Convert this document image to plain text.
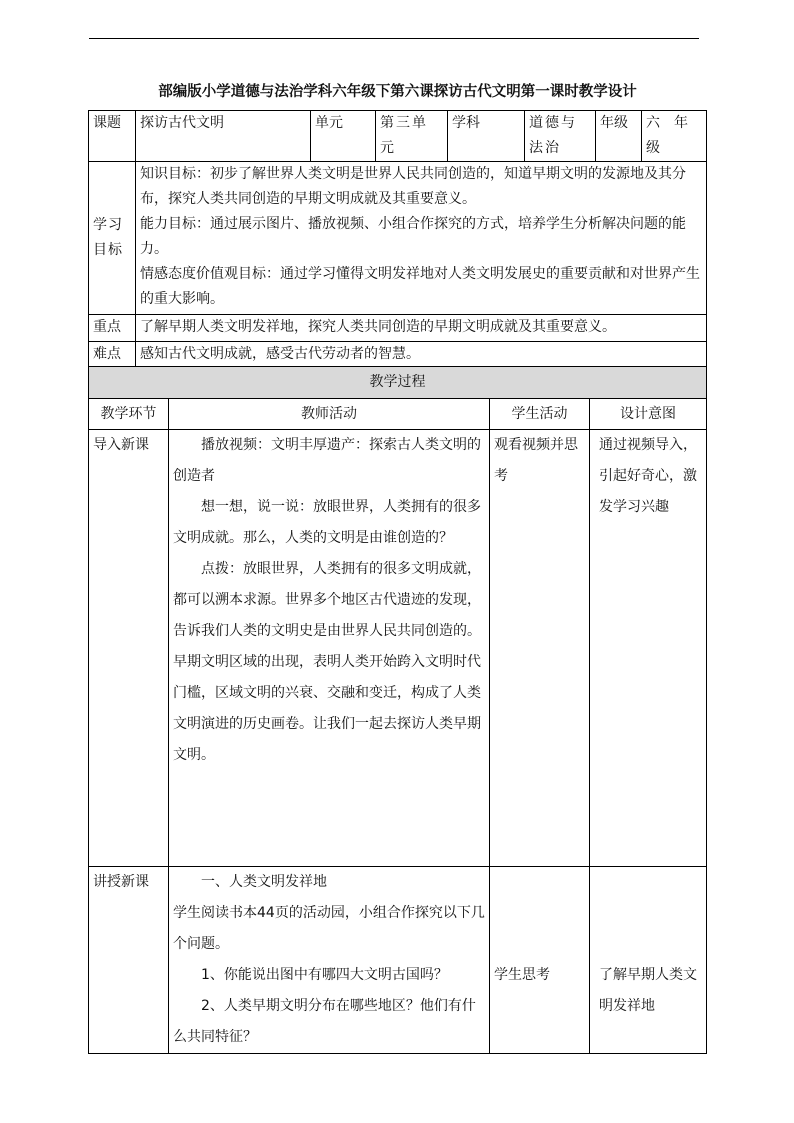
部编版小学道德与法治学科六年级下第六课探访古代文明第一课时教学设计
课题	探访古代文明	单元	第三单元	学科	道德与法治	年级	六年级
学习目标	知识目标：初步了解世界人类文明是世界人民共同创造的，知道早期文明的发源地及其分布，探究人类共同创造的早期文明成就及其重要意义。

能力目标：通过展示图片、播放视频、小组合作探究的方式，培养学生分析解决问题的能力。

情感态度价值观目标：通过学习懂得文明发祥地对人类文明发展史的重要贡献和对世界产生的重大影响。						

重点	了解早期人类文明发祥地，探究人类共同创造的早期文明成就及其重要意义。						
难点	感知古代文明成就，感受古代劳动者的智慧。						
教学过程			
教学环节	教师活动	学生活动	设计意图
导入新课	播放视频：文明丰厚遗产：探索古人类文明的创造者

想一想，说一说：放眼世界，人类拥有的很多文明成就。那么，人类的文明是由谁创造的？

点拨：放眼世界，人类拥有的很多文明成就，都可以溯本求源。世界多个地区古代遗迹的发现，告诉我们人类的文明史是由世界人民共同创造的。早期文明区域的出现，表明人类开始跨入文明时代门槛，区域文明的兴衰、交融和变迁，构成了人类文明演进的历史画卷。让我们一起去探访人类早期文明。	观看视频并思考	通过视频导入，引起好奇心，激发学习兴趣
讲授新课	一、人类文明发祥地

学生阅读书本44页的活动园，小组合作探究以下几个问题。

1、你能说出图中有哪四大文明古国吗？

2、人类早期文明分布在哪些地区？他们有什么共同特征？	学生思考	了解早期人类文明发祥地
